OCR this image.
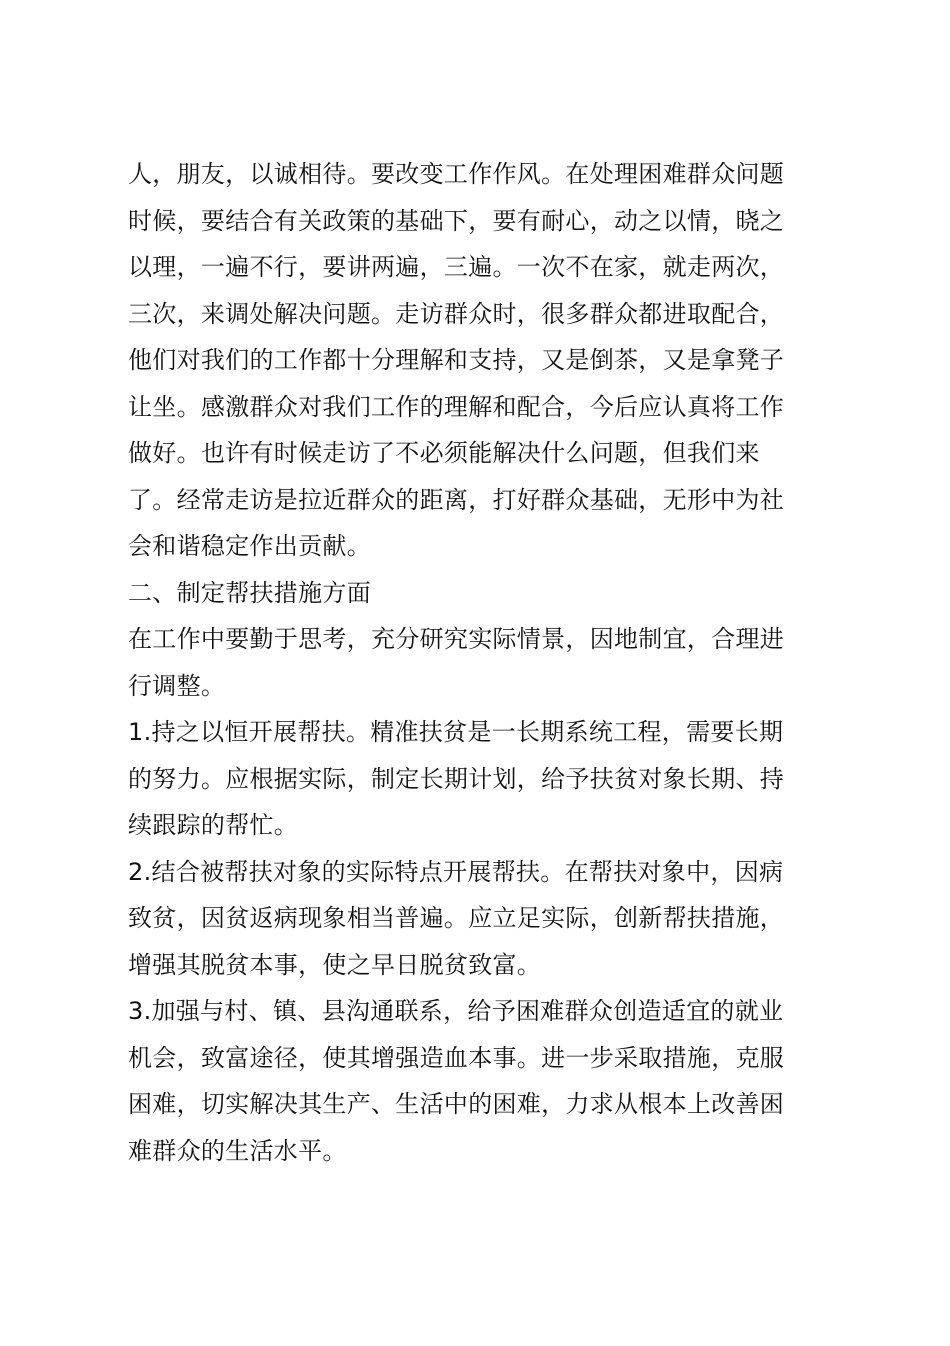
人，朋友，以诚相待。要改变工作作风。在处理困难群众问题
时候，要结合有关政策的基础下，要有耐心，动之以情，晓之
以理，一遍不行，要讲两遍，三遍。一次不在家，就走两次，
三次，来调处解决问题。走访群众时，很多群众都进取配合，
他们对我们的工作都十分理解和支持，又是倒茶，又是拿凳子
让坐。感激群众对我们工作的理解和配合，今后应认真将工作
做好。也许有时候走访了不必须能解决什么问题，但我们来
了。经常走访是拉近群众的距离，打好群众基础，无形中为社
会和谐稳定作出贡献。

二、制定帮扶措施方面

在工作中要勤于思考，充分研究实际情景，因地制宜，合理进
行调整。

1.持之以恒开展帮扶。精准扶贫是一长期系统工程，需要长期
的努力。应根据实际，制定长期计划，给予扶贫对象长期、持
续跟踪的帮忙。

2.结合被帮扶对象的实际特点开展帮扶。在帮扶对象中，因病
致贫，因贫返病现象相当普遍。应立足实际，创新帮扶措施，
增强其脱贫本事，使之早日脱贫致富。

3.加强与村、镇、县沟通联系，给予困难群众创造适宜的就业
机会，致富途径，使其增强造血本事。进一步采取措施，克服
困难，切实解决其生产、生活中的困难，力求从根本上改善困
难群众的生活水平。
